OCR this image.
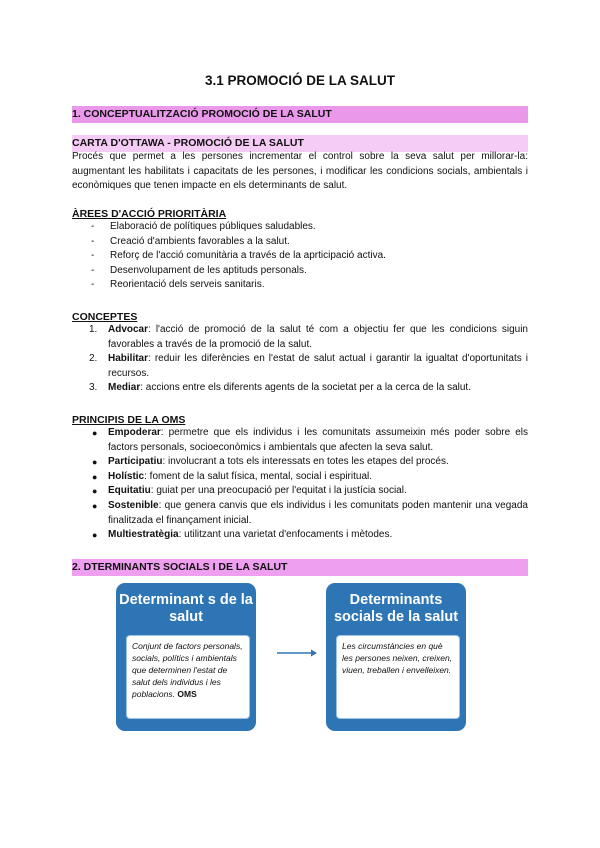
3.1 PROMOCIÓ DE LA SALUT
1. CONCEPTUALITZACIÓ PROMOCIÓ DE LA SALUT
CARTA D'OTTAWA - PROMOCIÓ DE LA SALUT

Procés que permet a les persones incrementar el control sobre la seva salut per millorar-la: augmentant les habilitats i capacitats de les persones, i modificar les condicions socials, ambientals i econòmiques que tenen impacte en els determinants de salut.

ÀREES D'ACCIÓ PRIORITÀRIA
- Elaboració de polítiques públiques saludables.
- Creació d'ambients favorables a la salut.
- Reforç de l'acció comunitària a través de la aprticipació activa.
- Desenvolupament de les aptituds personals.
- Reorientació dels serveis sanitaris.
CONCEPTES
1. Advocar: l'acció de promoció de la salut té com a objectiu fer que les condicions siguin favorables a través de la promoció de la salut.
2. Habilitar: reduir les diferències en l'estat de salut actual i garantir la igualtat d'oportunitats i recursos.
3. Mediar: accions entre els diferents agents de la societat per a la cerca de la salut.
PRINCIPIS DE LA OMS
● Empoderar: permetre que els individus i les comunitats assumeixin més poder sobre els factors personals, socioeconòmics i ambientals que afecten la seva salut.
● Participatiu: involucrant a tots els interessats en totes les etapes del procés.
● Holístic: foment de la salut física, mental, social i espiritual.
● Equitatiu: guiat per una preocupació per l'equitat i la justícia social.
● Sostenible: que genera canvis que els individus i les comunitats poden mantenir una vegada finalitzada el finançament inicial.
● Multiestratègia: utilitzant una varietat d'enfocaments i mètodes.
2. DTERMINANTS SOCIALS I DE LA SALUT
Determinant s de la salut
Conjunt de factors personals, socials, polítics i ambientals que determinen l'estat de salut dels individus i les poblacions. OMS
Determinants socials de la salut
Les circumstàncies en què les persones neixen, creixen, viuen, treballen i envelleixen.
